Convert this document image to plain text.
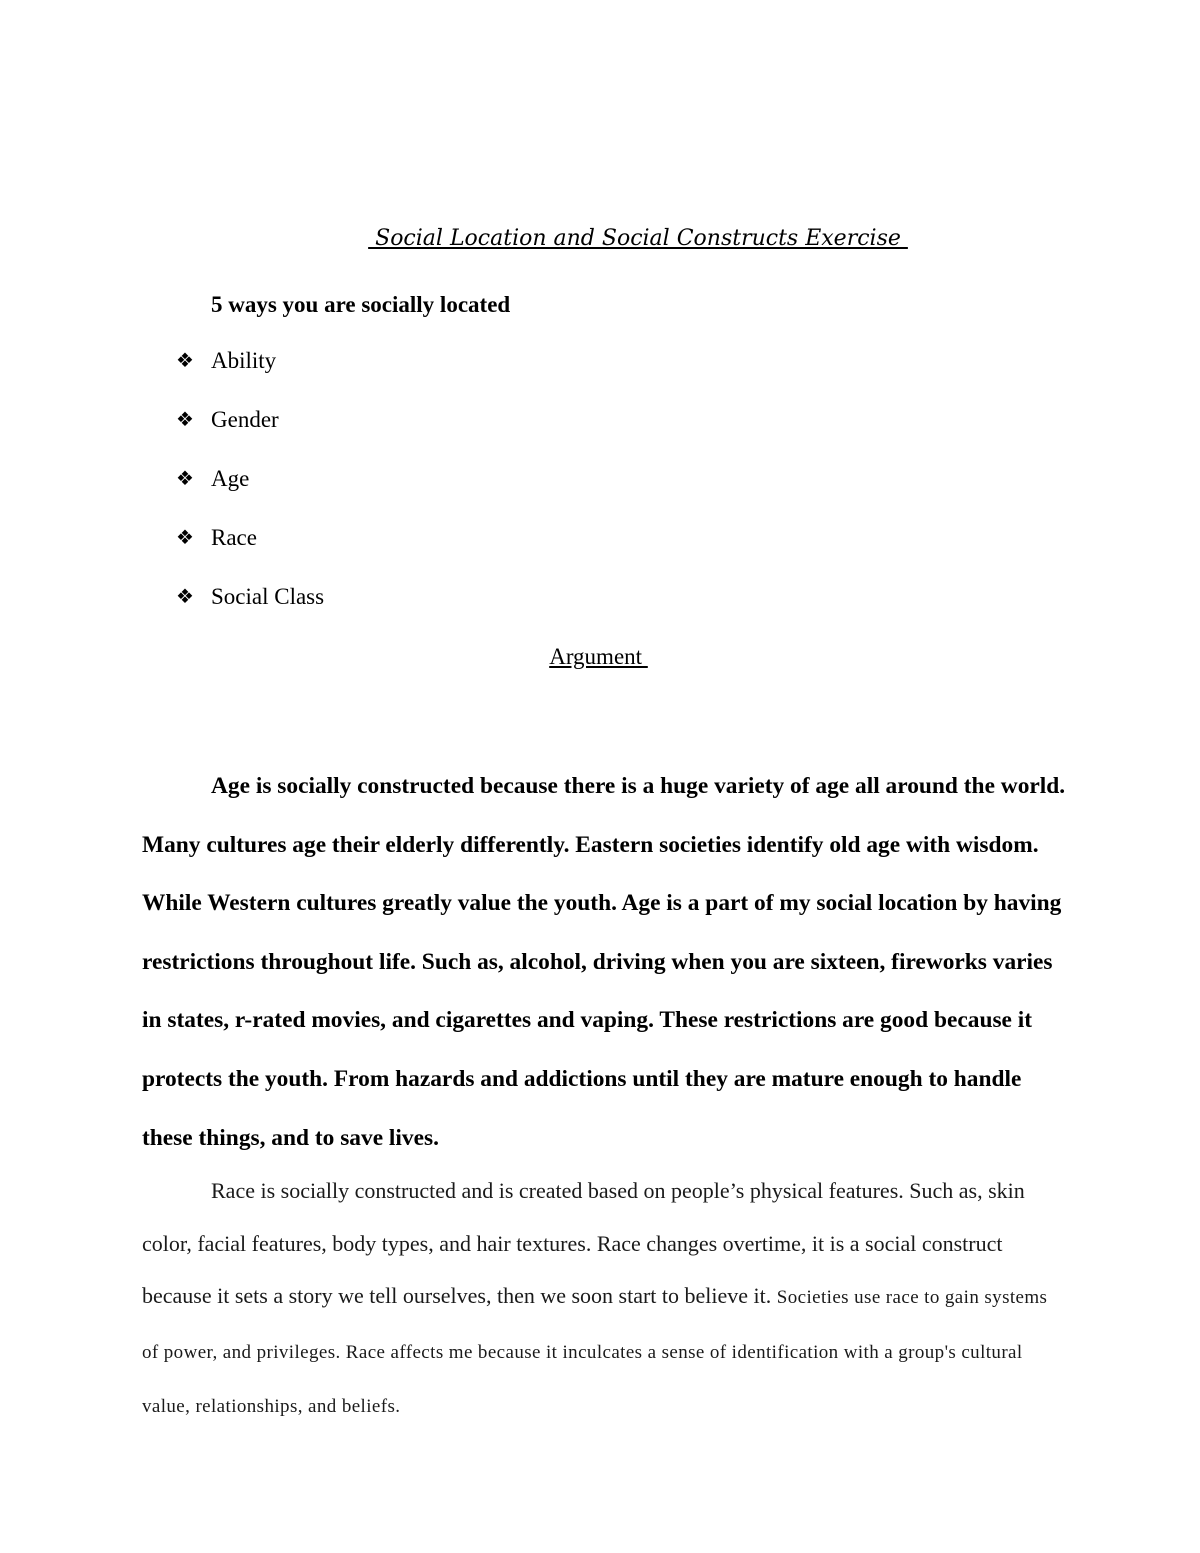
Social Location and Social Constructs Exercise
5 ways you are socially located
❖ Ability
❖ Gender
❖ Age
❖ Race
❖ Social Class
Argument

Age is socially constructed because there is a huge variety of age all around the world. Many cultures age their elderly differently. Eastern societies identify old age with wisdom. While Western cultures greatly value the youth. Age is a part of my social location by having restrictions throughout life. Such as, alcohol, driving when you are sixteen, fireworks varies in states, r-rated movies, and cigarettes and vaping. These restrictions are good because it protects the youth. From hazards and addictions until they are mature enough to handle these things, and to save lives.

Race is socially constructed and is created based on people’s physical features. Such as, skin color, facial features, body types, and hair textures. Race changes overtime, it is a social construct because it sets a story we tell ourselves, then we soon start to believe it. Societies use race to gain systems of power, and privileges. Race affects me because it inculcates a sense of identification with a group's cultural value, relationships, and beliefs.
